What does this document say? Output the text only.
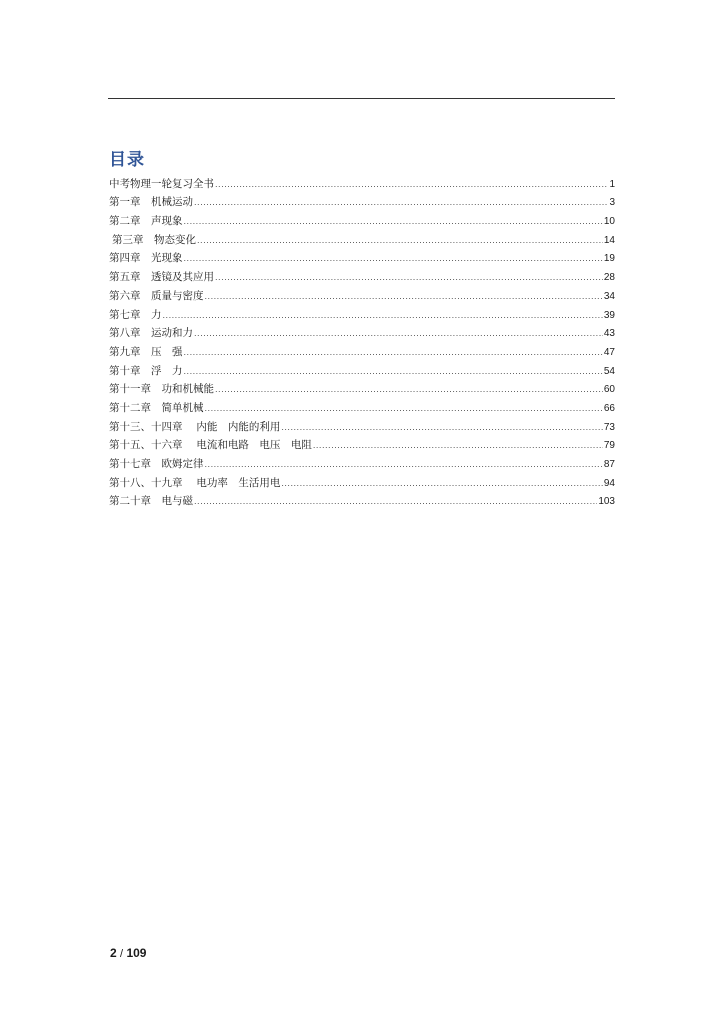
目录
中考物理一轮复习全书 .....	1
第一章　机械运动 .....	3
第二章　声现象 .....	10
第三章　物态变化 .....	14
第四章　光现象 .....	19
第五章　透镜及其应用 .....	28
第六章　质量与密度 .....	34
第七章　力 .....	39
第八章　运动和力 .....	43
第九章　压　强 .....	47
第十章　浮　力 .....	54
第十一章　功和机械能 .....	60
第十二章　简单机械 .....	66
第十三、十四章　 内能　内能的利用 .....	73
第十五、十六章　 电流和电路　电压　电阻 .....	79
第十七章　欧姆定律 .....	87
第十八、十九章　 电功率　生活用电 .....	94
第二十章　电与磁 .....	103
2 / 109
